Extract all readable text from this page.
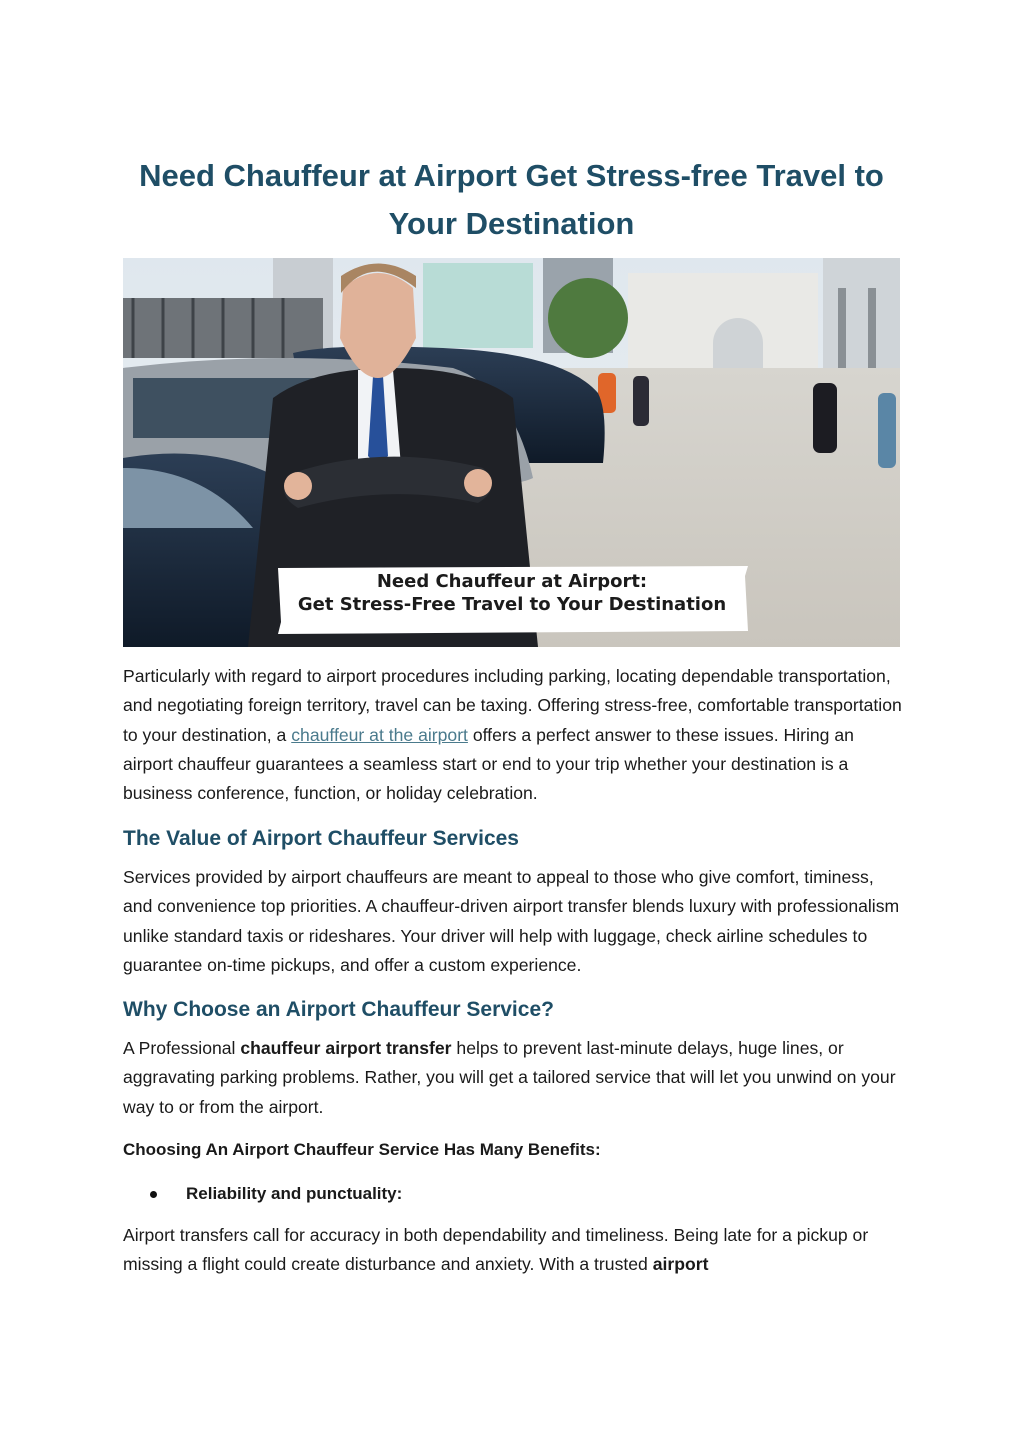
Need Chauffeur at Airport Get Stress-free Travel to
Your Destination
Need Chauffeur at Airport:
Get Stress-Free Travel to Your Destination

Particularly with regard to airport procedures including parking, locating dependable transportation, and negotiating foreign territory, travel can be taxing. Offering stress-free, comfortable transportation to your destination, a chauffeur at the airport offers a perfect answer to these issues. Hiring an airport chauffeur guarantees a seamless start or end to your trip whether your destination is a business conference, function, or holiday celebration.

The Value of Airport Chauffeur Services

Services provided by airport chauffeurs are meant to appeal to those who give comfort, timiness, and convenience top priorities. A chauffeur-driven airport transfer blends luxury with professionalism unlike standard taxis or rideshares. Your driver will help with luggage, check airline schedules to guarantee on-time pickups, and offer a custom experience.

Why Choose an Airport Chauffeur Service?

A Professional chauffeur airport transfer helps to prevent last-minute delays, huge lines, or aggravating parking problems. Rather, you will get a tailored service that will let you unwind on your way to or from the airport.

Choosing An Airport Chauffeur Service Has Many Benefits:

Reliability and punctuality:

Airport transfers call for accuracy in both dependability and timeliness. Being late for a pickup or missing a flight could create disturbance and anxiety. With a trusted airport
